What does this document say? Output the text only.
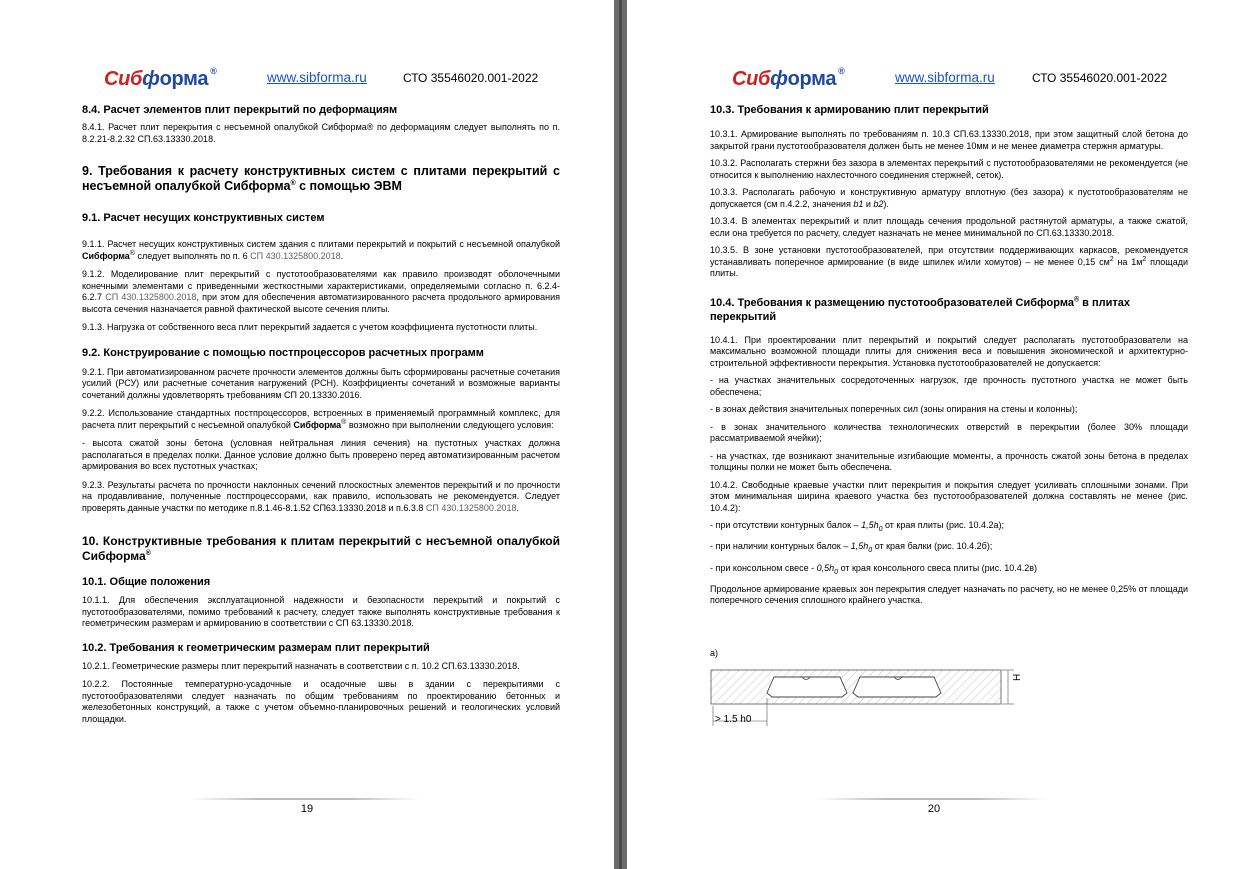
Сибформа ®	www.sibforma.ru	СТО 35546020.001-2022
8.4. Расчет элементов плит перекрытий по деформациям

8.4.1. Расчет плит перекрытия с несъемной опалубкой Сибформа® по деформациям следует выполнять по п. 8.2.21-8.2.32 СП.63.13330.2018.

9. Требования к расчету конструктивных систем с плитами перекрытий с несъемной опалубкой Сибформа® с помощью ЭВМ
9.1. Расчет несущих конструктивных систем

9.1.1. Расчет несущих конструктивных систем здания с плитами перекрытий и покрытий с несъемной опалубкой Сибформа® следует выполнять по п. 6 СП 430.1325800.2018.

9.1.2. Моделирование плит перекрытий с пустотообразователями как правило производят оболочечными конечными элементами с приведенными жесткостными характеристиками, определяемыми согласно п. 6.2.4-6.2.7 СП 430.1325800.2018, при этом для обеспечения автоматизированного расчета продольного армирования высота сечения назначается равной фактической высоте сечения плиты.

9.1.3. Нагрузка от собственного веса плит перекрытий задается с учетом коэффициента пустотности плиты.

9.2. Конструирование с помощью постпроцессоров расчетных программ

9.2.1. При автоматизированном расчете прочности элементов должны быть сформированы расчетные сочетания усилий (РСУ) или расчетные сочетания нагружений (РСН). Коэффициенты сочетаний и возможные варианты сочетаний должны удовлетворять требованиям СП 20.13330.2016.

9.2.2. Использование стандартных постпроцессоров, встроенных в применяемый программный комплекс, для расчета плит перекрытий с несъемной опалубкой Сибформа® возможно при выполнении следующего условия:

- высота сжатой зоны бетона (условная нейтральная линия сечения) на пустотных участках должна располагаться в пределах полки. Данное условие должно быть проверено перед автоматизированным расчетом армирования во всех пустотных участках;

9.2.3. Результаты расчета по прочности наклонных сечений плоскостных элементов перекрытий и по прочности на продавливание, полученные постпроцессорами, как правило, использовать не рекомендуется. Следует проверять данные участки по методике п.8.1.46-8.1.52 СП63.13330.2018 и п.6.3.8 СП 430.1325800.2018.

10. Конструктивные требования к плитам перекрытий с несъемной опалубкой Сибформа®
10.1. Общие положения

10.1.1. Для обеспечения эксплуатационной надежности и безопасности перекрытий и покрытий с пустотообразователями, помимо требований к расчету, следует также выполнять конструктивные требования к геометрическим размерам и армированию в соответствии с СП 63.13330.2018.

10.2. Требования к геометрическим размерам плит перекрытий

10.2.1. Геометрические размеры плит перекрытий назначать в соответствии с п. 10.2 СП.63.13330.2018.

10.2.2. Постоянные температурно-усадочные и осадочные швы в здании с перекрытиями с пустотообразователями следует назначать по общим требованиям по проектированию бетонных и железобетонных конструкций, а также с учетом объемно-планировочных решений и геологических условий площадки.

19
Сибформа ®	www.sibforma.ru	СТО 35546020.001-2022
10.3. Требования к армированию плит перекрытий

10.3.1. Армирование выполнять по требованиям п. 10.3 СП.63.13330.2018, при этом защитный слой бетона до закрытой грани пустотообразователя должен быть не менее 10мм и не менее диаметра стержня арматуры.

10.3.2. Располагать стержни без зазора в элементах перекрытий с пустотообразователями не рекомендуется (не относится к выполнению нахлесточного соединения стержней, сеток).

10.3.3. Располагать рабочую и конструктивную арматуру вплотную (без зазора) к пустотообразователям не допускается (см п.4.2.2, значения b1 и b2).

10.3.4. В элементах перекрытий и плит площадь сечения продольной растянутой арматуры, а также сжатой, если она требуется по расчету, следует назначать не менее минимальной по СП.63.13330.2018.

10.3.5. В зоне установки пустотообразователей, при отсутствии поддерживающих каркасов, рекомендуется устанавливать поперечное армирование (в виде шпилек и/или хомутов) – не менее 0,15 $см^2$ на $1м^2$ площади плиты.

10.4. Требования к размещению пустотообразователей Сибформа® в плитах перекрытий

10.4.1. При проектировании плит перекрытий и покрытий следует располагать пустотообразователи на максимально возможной площади плиты для снижения веса и повышения экономической и архитектурно-строительной эффективности перекрытия. Установка пустотообразователей не допускается:

- на участках значительных сосредоточенных нагрузок, где прочность пустотного участка не может быть обеспечена;

- в зонах действия значительных поперечных сил (зоны опирания на стены и колонны);

- в зонах значительного количества технологических отверстий в перекрытии (более 30% площади рассматриваемой ячейки);

- на участках, где возникают значительные изгибающие моменты, а прочность сжатой зоны бетона в пределах толщины полки не может быть обеспечена.

10.4.2. Свободные краевые участки плит перекрытия и покрытия следует усиливать сплошными зонами. При этом минимальная ширина краевого участка без пустотообразователей должна составлять не менее (рис. 10.4.2):

- при отсутствии контурных балок – $1,5h_0$ от края плиты (рис. 10.4.2а);

- при наличии контурных балок – $1,5h_0$ от края балки (рис. 10.4.2б);

- при консольном свесе - $0,5h_0$ от края консольного свеса плиты (рис. 10.4.2в)

Продольное армирование краевых зон перекрытия следует назначать по расчету, но не менее 0,25% от площади поперечного сечения сплошного крайнего участка.

а)
H
> 1.5 h0
20
